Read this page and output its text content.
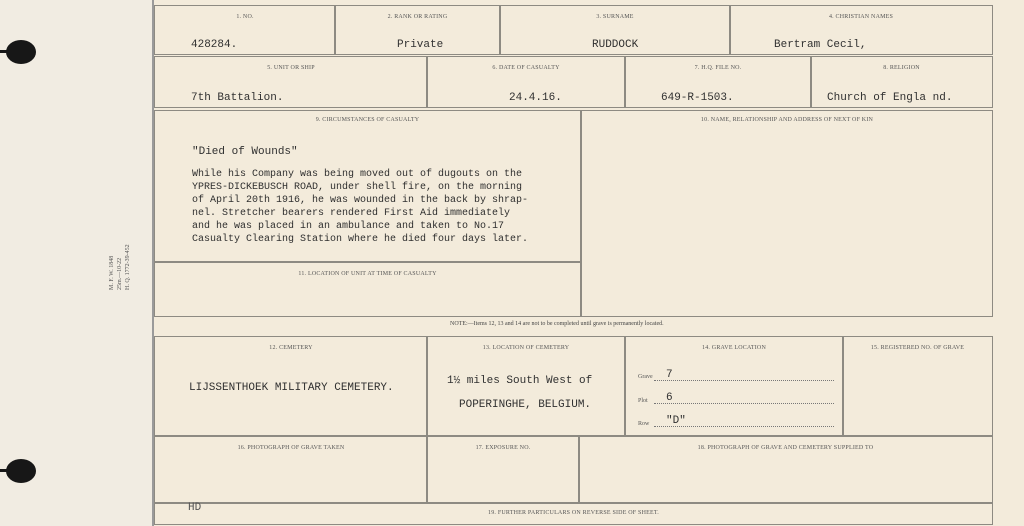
M. F. W. 1848 25m.—10-22 H. Q. 1772-39-452
1. NO.
428284.
2. RANK OR RATING
Private
3. SURNAME
RUDDOCK
4. CHRISTIAN NAMES
Bertram Cecil,
5. UNIT OR SHIP
7th Battalion.
6. DATE OF CASUALTY
24.4.16.
7. H.Q. FILE NO.
649-R-1503.
8. RELIGION
Church of Engla nd.
9. CIRCUMSTANCES OF CASUALTY
"Died of Wounds"
While his Company was being moved out of dugouts on the
YPRES-DICKEBUSCH ROAD, under shell fire, on the morning
of April 20th 1916, he was wounded in the back by shrap-
nel. Stretcher bearers rendered First Aid immediately
and he was placed in an ambulance and taken to No.17
Casualty Clearing Station where he died four days later.
10. NAME, RELATIONSHIP AND ADDRESS OF NEXT OF KIN
11. LOCATION OF UNIT AT TIME OF CASUALTY
NOTE:—Items 12, 13 and 14 are not to be completed until grave is permanently located.
12. CEMETERY
LIJSSENTHOEK MILITARY CEMETERY.
13. LOCATION OF CEMETERY
1½ miles South West of
POPERINGHE, BELGIUM.
14. GRAVE LOCATION
Grave 7
Plot 6
Row "D"
15. REGISTERED NO. OF GRAVE
16. PHOTOGRAPH OF GRAVE TAKEN	17. EXPOSURE NO.	18. PHOTOGRAPH OF GRAVE AND CEMETERY SUPPLIED TO
19. FURTHER PARTICULARS ON REVERSE SIDE OF SHEET.
HD
